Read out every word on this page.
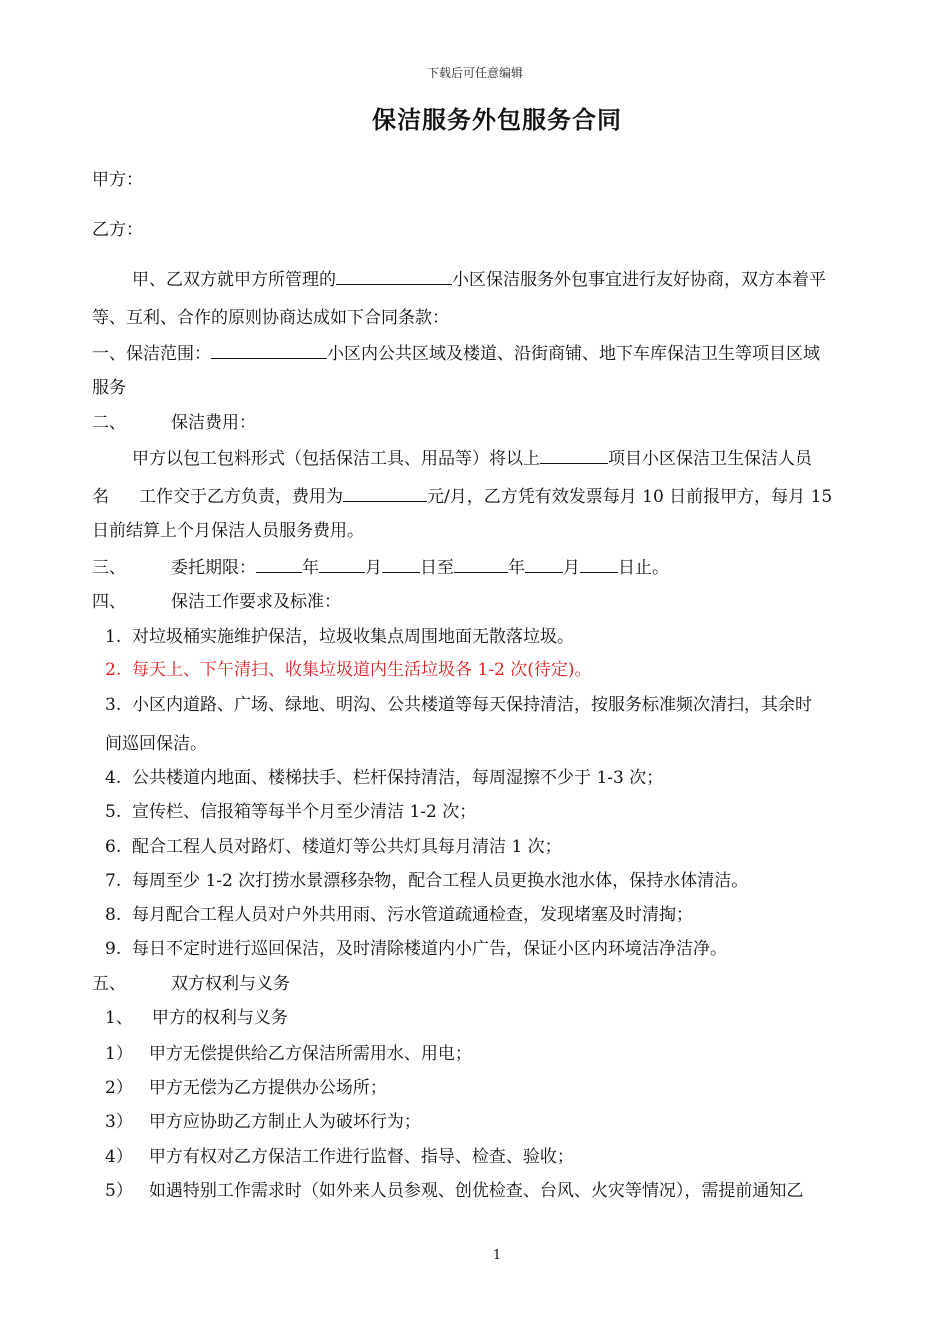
下载后可任意编辑
保洁服务外包服务合同
甲方：
乙方：
甲、乙双方就甲方所管理的	小区保洁服务外包事宜进行友好协商，双方本着平
等、互利、合作的原则协商达成如下合同条款：
一、保洁范围：	小区内公共区域及楼道、沿街商铺、地下车库保洁卫生等项目区域
服务
二、	保洁费用：
甲方以包工包料形式（包括保洁工具、用品等）将以上	项目小区保洁卫生保洁人员
名 工作交于乙方负责，费用为	元/月，乙方凭有效发票每月 10 日前报甲方，每月 15
日前结算上个月保洁人员服务费用。
三、	委托期限：	年	月 日至	年 月 日止。
四、	保洁工作要求及标准：
1. 对垃圾桶实施维护保洁，垃圾收集点周围地面无散落垃圾。
2. 每天上、下午清扫、收集垃圾道内生活垃圾各 1-2 次(待定)。
3. 小区内道路、广场、绿地、明沟、公共楼道等每天保持清洁，按服务标准频次清扫，其余时
间巡回保洁。
4. 公共楼道内地面、楼梯扶手、栏杆保持清洁，每周湿擦不少于 1-3 次；
5. 宣传栏、信报箱等每半个月至少清洁 1-2 次；
6. 配合工程人员对路灯、楼道灯等公共灯具每月清洁 1 次；
7. 每周至少 1-2 次打捞水景漂移杂物，配合工程人员更换水池水体，保持水体清洁。
8. 每月配合工程人员对户外共用雨、污水管道疏通检查，发现堵塞及时清掏；
9. 每日不定时进行巡回保洁，及时清除楼道内小广告，保证小区内环境洁净洁净。
五、	双方权利与义务
1、 甲方的权利与义务
1） 甲方无偿提供给乙方保洁所需用水、用电；
2） 甲方无偿为乙方提供办公场所；
3） 甲方应协助乙方制止人为破坏行为；
4） 甲方有权对乙方保洁工作进行监督、指导、检查、验收；
5） 如遇特别工作需求时（如外来人员参观、创优检查、台风、火灾等情况），需提前通知乙
1
